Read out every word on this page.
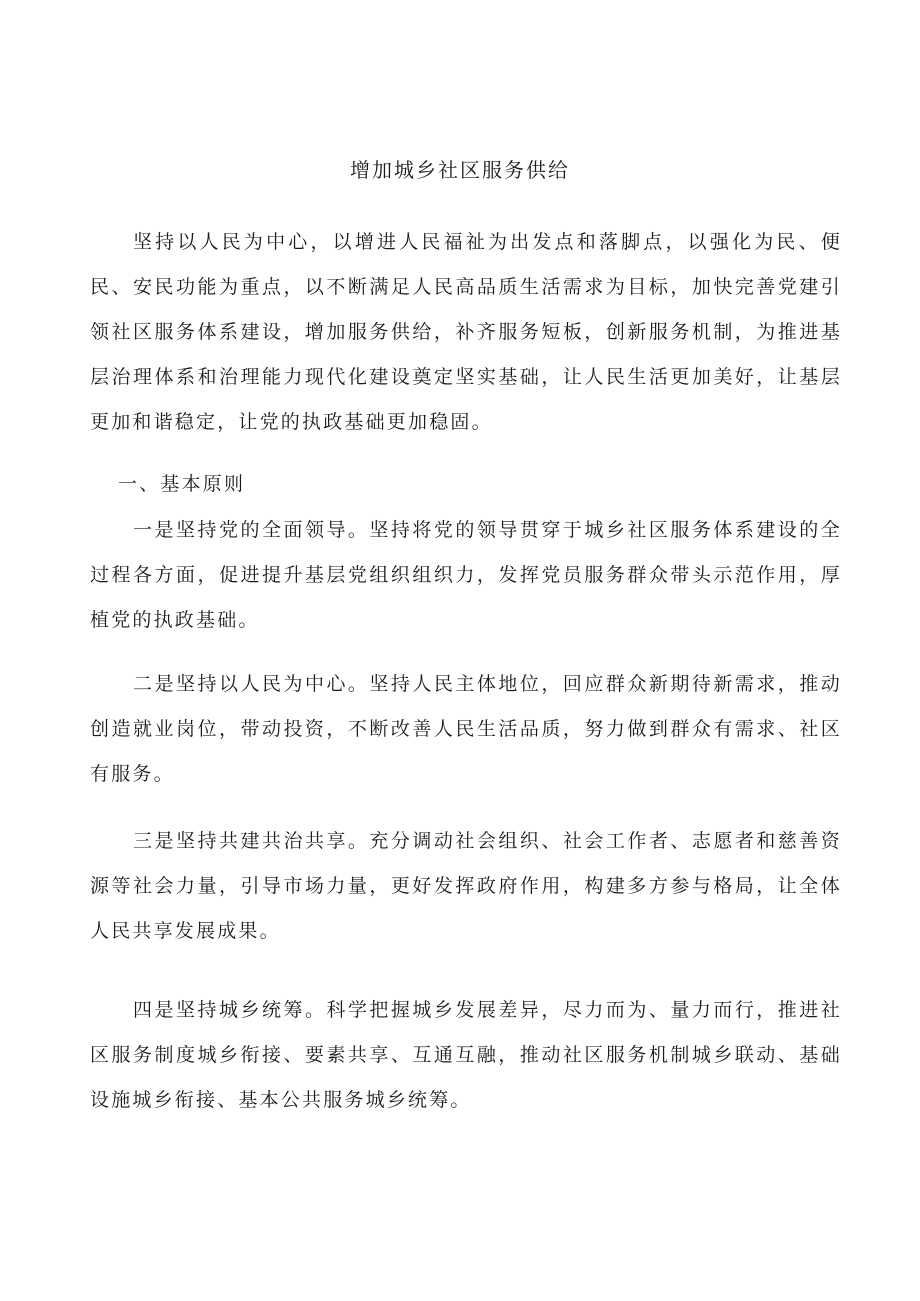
增加城乡社区服务供给

坚持以人民为中心，以增进人民福祉为出发点和落脚点，以强化为民、便民、安民功能为重点，以不断满足人民高品质生活需求为目标，加快完善党建引领社区服务体系建设，增加服务供给，补齐服务短板，创新服务机制，为推进基层治理体系和治理能力现代化建设奠定坚实基础，让人民生活更加美好，让基层更加和谐稳定，让党的执政基础更加稳固。

一、基本原则

一是坚持党的全面领导。坚持将党的领导贯穿于城乡社区服务体系建设的全过程各方面，促进提升基层党组织组织力，发挥党员服务群众带头示范作用，厚植党的执政基础。

二是坚持以人民为中心。坚持人民主体地位，回应群众新期待新需求，推动创造就业岗位，带动投资，不断改善人民生活品质，努力做到群众有需求、社区有服务。

三是坚持共建共治共享。充分调动社会组织、社会工作者、志愿者和慈善资源等社会力量，引导市场力量，更好发挥政府作用，构建多方参与格局，让全体人民共享发展成果。

四是坚持城乡统筹。科学把握城乡发展差异，尽力而为、量力而行，推进社区服务制度城乡衔接、要素共享、互通互融，推动社区服务机制城乡联动、基础设施城乡衔接、基本公共服务城乡统筹。
